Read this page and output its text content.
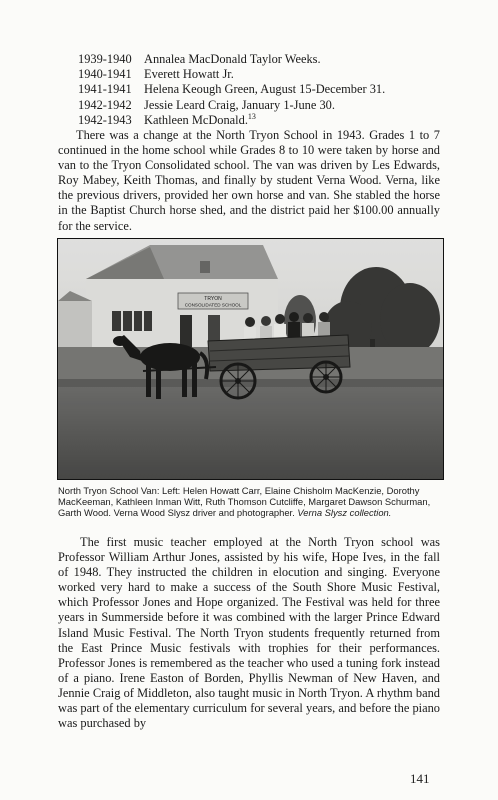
1939-1940 Annalea MacDonald Taylor Weeks.
1940-1941 Everett Howatt Jr.
1941-1941 Helena Keough Green, August 15-December 31.
1942-1942 Jessie Leard Craig, January 1-June 30.
1942-1943 Kathleen McDonald.$^{13}$
There was a change at the North Tryon School in 1943. Grades 1 to 7 continued in the home school while Grades 8 to 10 were taken by horse and van to the Tryon Consolidated school. The van was driven by Les Edwards, Roy Mabey, Keith Thomas, and finally by student Verna Wood. Verna, like the previous drivers, provided her own horse and van. She stabled the horse in the Baptist Church horse shed, and the district paid her $100.00 annually for the service.
TRYON
CONSOLIDATED SCHOOL
North Tryon School Van: Left: Helen Howatt Carr, Elaine Chisholm MacKenzie, Dorothy MacKeeman, Kathleen Inman Witt, Ruth Thomson Cutcliffe, Margaret Dawson Schurman, Garth Wood. Verna Wood Slysz driver and photographer. Verna Slysz collection.
The first music teacher employed at the North Tryon school was Professor William Arthur Jones, assisted by his wife, Hope Ives, in the fall of 1948. They instructed the children in elocution and singing. Everyone worked very hard to make a success of the South Shore Music Festival, which Professor Jones and Hope organized. The Festival was held for three years in Summerside before it was combined with the larger Prince Edward Island Music Festival. The North Tryon students frequently returned from the East Prince Music festivals with trophies for their performances. Professor Jones is remembered as the teacher who used a tuning fork instead of a piano. Irene Easton of Borden, Phyllis Newman of New Haven, and Jennie Craig of Middleton, also taught music in North Tryon. A rhythm band was part of the elementary curriculum for several years, and before the piano was purchased by
141
